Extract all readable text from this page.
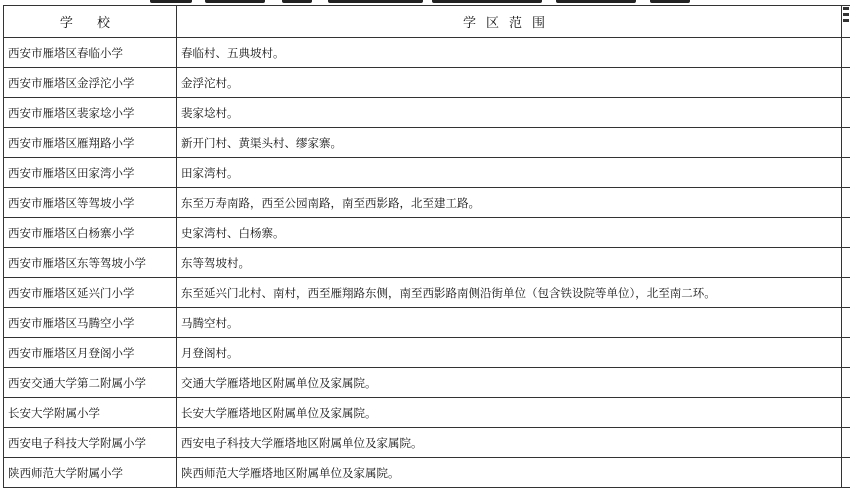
学 校	学区范围	
西安市雁塔区春临小学	春临村、五典坡村。	
西安市雁塔区金浮沱小学	金浮沱村。	
西安市雁塔区裴家埝小学	裴家埝村。	
西安市雁塔区雁翔路小学	新开门村、黄渠头村、缪家寨。	
西安市雁塔区田家湾小学	田家湾村。	
西安市雁塔区等驾坡小学	东至万寿南路，西至公园南路，南至西影路，北至建工路。	
西安市雁塔区白杨寨小学	史家湾村、白杨寨。	
西安市雁塔区东等驾坡小学	东等驾坡村。	
西安市雁塔区延兴门小学	东至延兴门北村、南村，西至雁翔路东侧，南至西影路南侧沿街单位（包含铁设院等单位），北至南二环。	
西安市雁塔区马腾空小学	马腾空村。	
西安市雁塔区月登阁小学	月登阁村。	
西安交通大学第二附属小学	交通大学雁塔地区附属单位及家属院。	
长安大学附属小学	长安大学雁塔地区附属单位及家属院。	
西安电子科技大学附属小学	西安电子科技大学雁塔地区附属单位及家属院。	
陕西师范大学附属小学	陕西师范大学雁塔地区附属单位及家属院。	
